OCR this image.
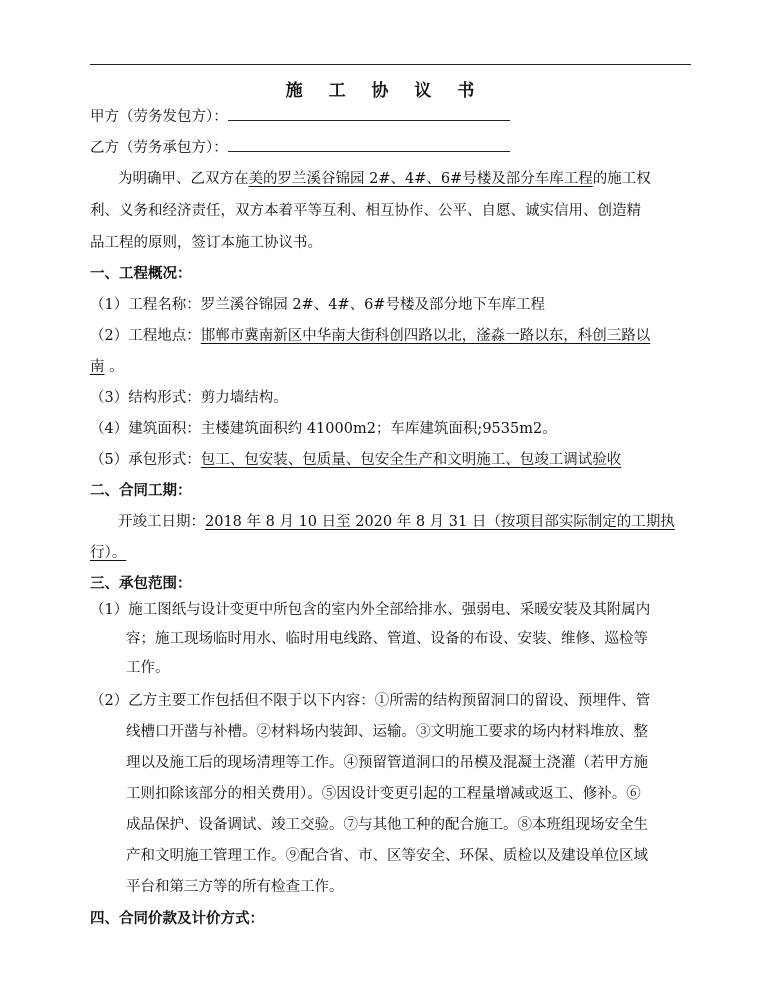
施 工 协 议 书
甲方（劳务发包方）：
乙方（劳务承包方）：
为明确甲、乙双方在美的罗兰溪谷锦园 2#、4#、6#号楼及部分车库工程的施工权
利、义务和经济责任，双方本着平等互利、相互协作、公平、自愿、诚实信用、创造精
品工程的原则，签订本施工协议书。
一、工程概况：
（1）工程名称：罗兰溪谷锦园 2#、4#、6#号楼及部分地下车库工程
（2）工程地点：邯郸市冀南新区中华南大街科创四路以北，滏淼一路以东，科创三路以
南 。
（3）结构形式：剪力墙结构。
（4）建筑面积：主楼建筑面积约 41000m2；车库建筑面积;9535m2。
（5）承包形式：包工、包安装、包质量、包安全生产和文明施工、包竣工调试验收
二、合同工期：
开竣工日期：2018 年 8 月 10 日至 2020 年 8 月 31 日（按项目部实际制定的工期执
行）。
三、承包范围：
（1）施工图纸与设计变更中所包含的室内外全部给排水、强弱电、采暖安装及其附属内
容；施工现场临时用水、临时用电线路、管道、设备的布设、安装、维修、巡检等
工作。
（2）乙方主要工作包括但不限于以下内容：①所需的结构预留洞口的留设、预埋件、管
线槽口开凿与补槽。②材料场内装卸、运输。③文明施工要求的场内材料堆放、整
理以及施工后的现场清理等工作。④预留管道洞口的吊模及混凝土浇灌（若甲方施
工则扣除该部分的相关费用）。⑤因设计变更引起的工程量增减或返工、修补。⑥
成品保护、设备调试、竣工交验。⑦与其他工种的配合施工。⑧本班组现场安全生
产和文明施工管理工作。⑨配合省、市、区等安全、环保、质检以及建设单位区域
平台和第三方等的所有检查工作。
四、合同价款及计价方式：
